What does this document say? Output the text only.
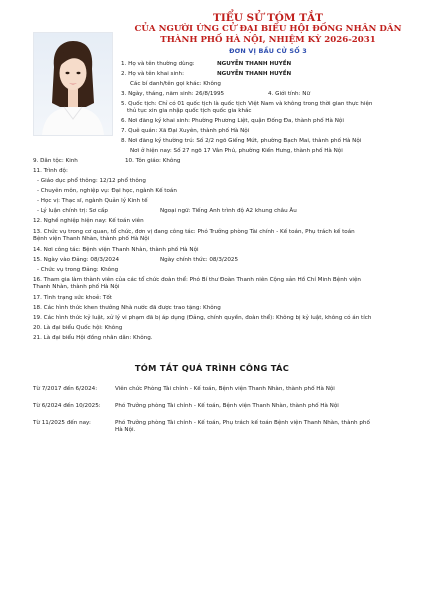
TIỂU SỬ TÓM TẮT
CỦA NGƯỜI ỨNG CỬ ĐẠI BIỂU HỘI ĐỒNG NHÂN DÂN
THÀNH PHỐ HÀ NỘI, NHIỆM KỲ 2026-2031
ĐƠN VỊ BẦU CỬ SỐ 3
1. Họ và tên thường dùng:	NGUYỄN THANH HUYỀN
2. Họ và tên khai sinh:	NGUYỄN THANH HUYỀN
Các bí danh/tên gọi khác: Không
3. Ngày, tháng, năm sinh: 26/8/1995	4. Giới tính: Nữ
5. Quốc tịch: Chỉ có 01 quốc tịch là quốc tịch Việt Nam và không trong thời gian thực hiện
thủ tục xin gia nhập quốc tịch quốc gia khác
6. Nơi đăng ký khai sinh: Phường Phương Liệt, quận Đống Đa, thành phố Hà Nội
7. Quê quán: Xã Đại Xuyên, thành phố Hà Nội
8. Nơi đăng ký thường trú: Số 2/2 ngõ Giếng Mứt, phường Bạch Mai, thành phố Hà Nội
Nơi ở hiện nay: Số 27 ngõ 17 Vân Phú, phường Kiến Hưng, thành phố Hà Nội
9. Dân tộc: Kinh	10. Tôn giáo: Không
11. Trình độ:
- Giáo dục phổ thông: 12/12 phổ thông
- Chuyên môn, nghiệp vụ: Đại học, ngành Kế toán
- Học vị: Thạc sĩ, ngành Quản lý Kinh tế
- Lý luận chính trị: Sơ cấp	Ngoại ngữ: Tiếng Anh trình độ A2 khung châu Âu
12. Nghề nghiệp hiện nay: Kế toán viên
13. Chức vụ trong cơ quan, tổ chức, đơn vị đang công tác: Phó Trưởng phòng Tài chính - Kế toán, Phụ trách kế toán
Bệnh viện Thanh Nhàn, thành phố Hà Nội
14. Nơi công tác: Bệnh viện Thanh Nhàn, thành phố Hà Nội
15. Ngày vào Đảng: 08/3/2024	Ngày chính thức: 08/3/2025
- Chức vụ trong Đảng: Không
16. Tham gia làm thành viên của các tổ chức đoàn thể: Phó Bí thư Đoàn Thanh niên Cộng sản Hồ Chí Minh Bệnh viện
Thanh Nhàn, thành phố Hà Nội
17. Tình trạng sức khoẻ: Tốt
18. Các hình thức khen thưởng Nhà nước đã được trao tặng: Không
19. Các hình thức kỷ luật, xử lý vi phạm đã bị áp dụng (Đảng, chính quyền, đoàn thể): Không bị kỷ luật, không có án tích
20. Là đại biểu Quốc hội: Không
21. Là đại biểu Hội đồng nhân dân: Không.
TÓM TẮT QUÁ TRÌNH CÔNG TÁC
Từ 7/2017 đến 6/2024:	Viên chức Phòng Tài chính - Kế toán, Bệnh viện Thanh Nhàn, thành phố Hà Nội
Từ 6/2024 đến 10/2025:	Phó Trưởng phòng Tài chính - Kế toán, Bệnh viện Thanh Nhàn, thành phố Hà Nội
Từ 11/2025 đến nay:	Phó Trưởng phòng Tài chính - Kế toán, Phụ trách kế toán Bệnh viện Thanh Nhàn, thành phố Hà Nội.
